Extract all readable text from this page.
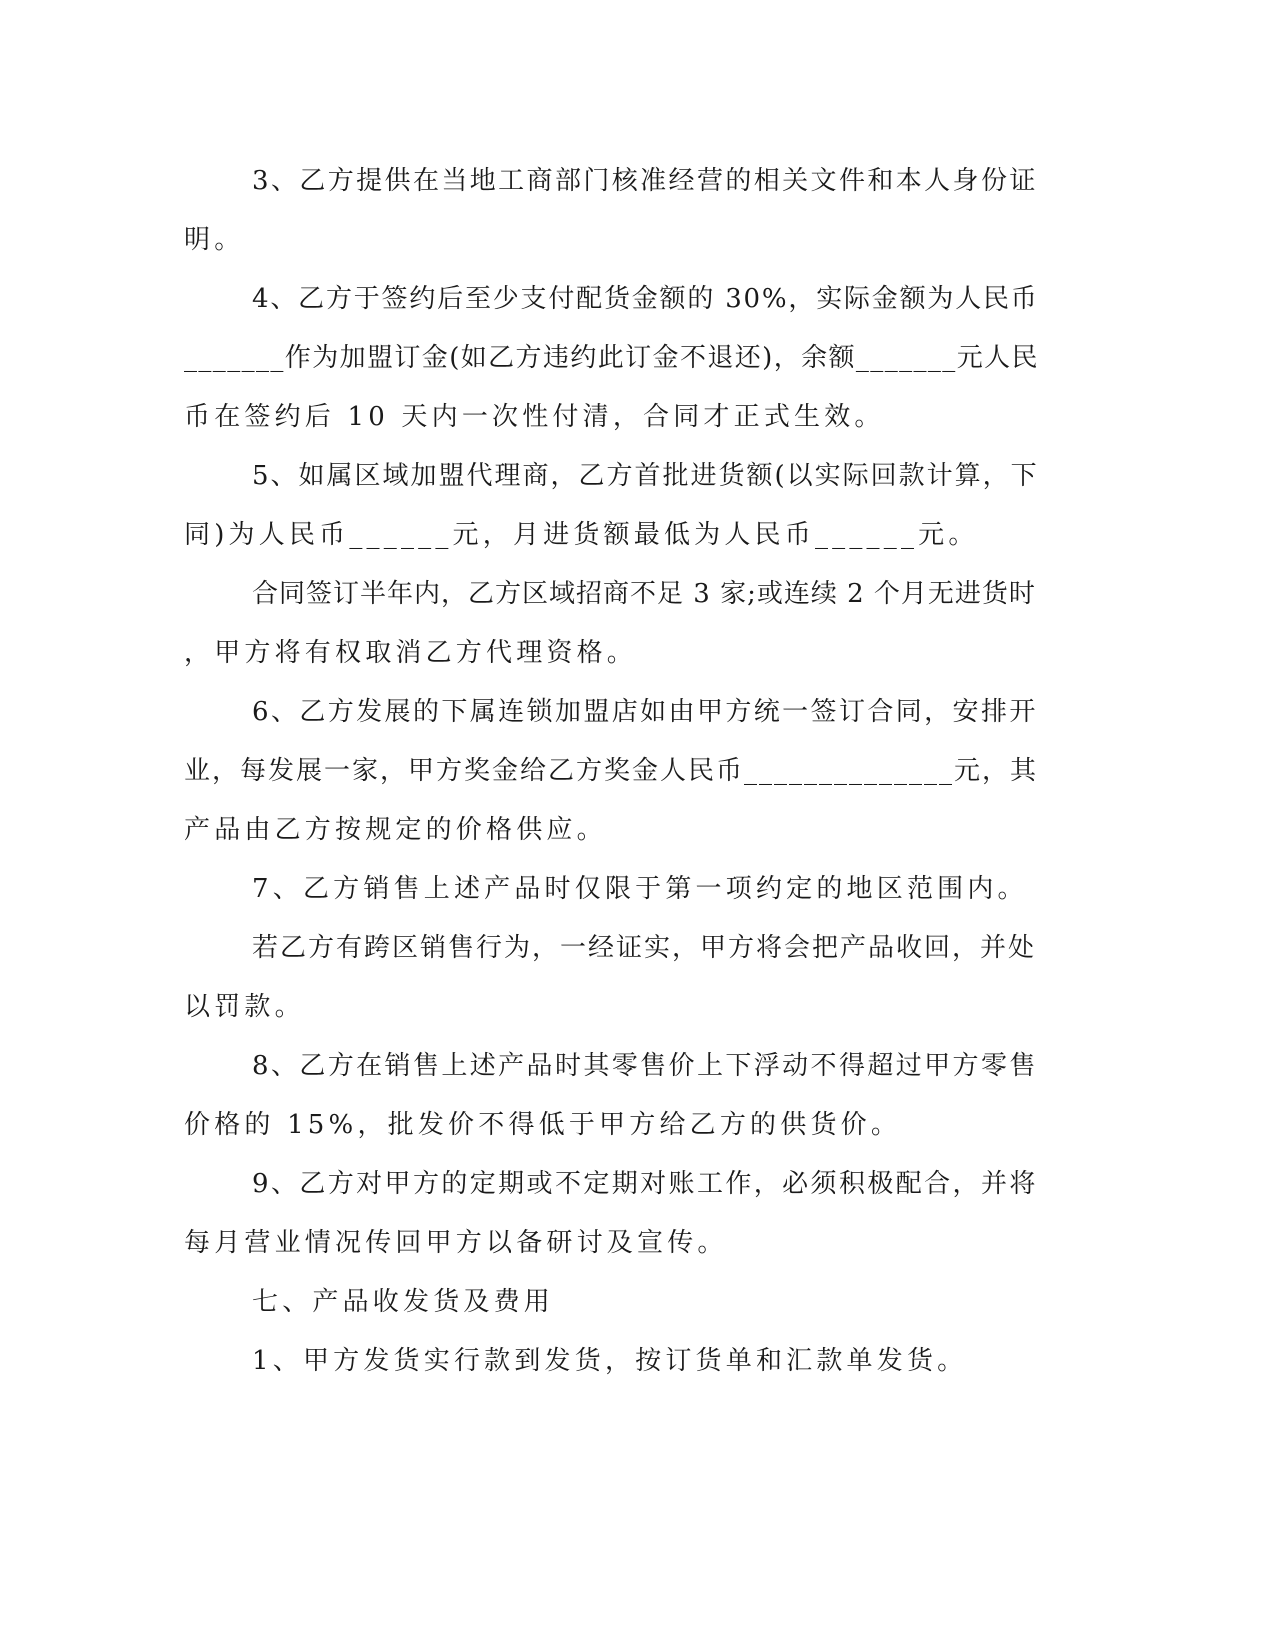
3、乙方提供在当地工商部门核准经营的相关文件和本人身份证
明。
4、乙方于签约后至少支付配货金额的 30%，实际金额为人民币
_______作为加盟订金(如乙方违约此订金不退还)，余额_______元人民
币在签约后 10 天内一次性付清，合同才正式生效。
5、如属区域加盟代理商，乙方首批进货额(以实际回款计算，下
同)为人民币______元，月进货额最低为人民币______元。
合同签订半年内，乙方区域招商不足 3 家;或连续 2 个月无进货时
，甲方将有权取消乙方代理资格。
6、乙方发展的下属连锁加盟店如由甲方统一签订合同，安排开
业，每发展一家，甲方奖金给乙方奖金人民币______________元，其
产品由乙方按规定的价格供应。
7、乙方销售上述产品时仅限于第一项约定的地区范围内。
若乙方有跨区销售行为，一经证实，甲方将会把产品收回，并处
以罚款。
8、乙方在销售上述产品时其零售价上下浮动不得超过甲方零售
价格的 15%，批发价不得低于甲方给乙方的供货价。
9、乙方对甲方的定期或不定期对账工作，必须积极配合，并将
每月营业情况传回甲方以备研讨及宣传。
七、产品收发货及费用
1、甲方发货实行款到发货，按订货单和汇款单发货。
